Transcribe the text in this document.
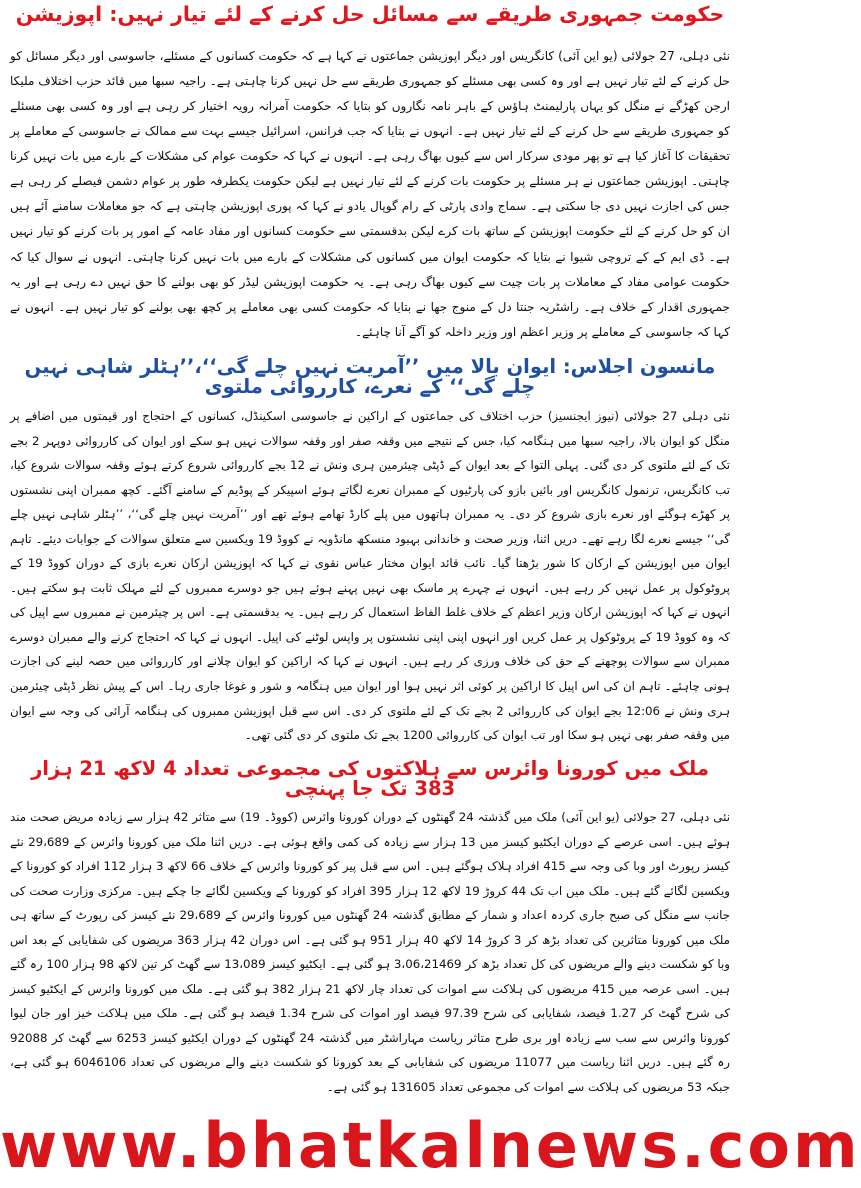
حکومت جمہوری طریقے سے مسائل حل کرنے کے لئے تیار نہیں: اپوزیشن

نئی دہلی، 27 جولائی (یو این آئی) کانگریس اور دیگر اپوزیشن جماعتوں نے کہا ہے کہ حکومت کسانوں کے مسئلے، جاسوسی اور دیگر مسائل کو حل کرنے کے لئے تیار نہیں ہے اور وہ کسی بھی مسئلے کو جمہوری طریقے سے حل نہیں کرنا چاہتی ہے۔ راجیہ سبھا میں قائد حزب اختلاف ملیکا ارجن کھڑگے نے منگل کو یہاں پارلیمنٹ ہاؤس کے باہر نامہ نگاروں کو بتایا کہ حکومت آمرانہ رویہ اختیار کر رہی ہے اور وہ کسی بھی مسئلے کو جمہوری طریقے سے حل کرنے کے لئے تیار نہیں ہے۔ انہوں نے بتایا کہ جب فرانس، اسرائیل جیسے بہت سے ممالک نے جاسوسی کے معاملے پر تحقیقات کا آغاز کیا ہے تو پھر مودی سرکار اس سے کیوں بھاگ رہی ہے۔ انہوں نے کہا کہ حکومت عوام کی مشکلات کے بارے میں بات نہیں کرنا چاہتی۔ اپوزیشن جماعتوں نے ہر مسئلے پر حکومت بات کرنے کے لئے تیار نہیں ہے لیکن حکومت یکطرفہ طور پر عوام دشمن فیصلے کر رہی ہے جس کی اجازت نہیں دی جا سکتی ہے۔ سماج وادی پارٹی کے رام گوپال یادو نے کہا کہ پوری اپوزیشن چاہتی ہے کہ جو معاملات سامنے آئے ہیں ان کو حل کرنے کے لئے حکومت اپوزیشن کے ساتھ بات کرے لیکن بدقسمتی سے حکومت کسانوں اور مفاد عامہ کے امور پر بات کرنے کو تیار نہیں ہے۔ ڈی ایم کے کے تروچی شیوا نے بتایا کہ حکومت ایوان میں کسانوں کی مشکلات کے بارے میں بات نہیں کرنا چاہتی۔ انہوں نے سوال کیا کہ حکومت عوامی مفاد کے معاملات پر بات چیت سے کیوں بھاگ رہی ہے۔ یہ حکومت اپوزیشن لیڈر کو بھی بولنے کا حق نہیں دے رہی ہے اور یہ جمہوری اقدار کے خلاف ہے۔ راشٹریہ جنتا دل کے منوج جھا نے بتایا کہ حکومت کسی بھی معاملے پر کچھ بھی بولنے کو تیار نہیں ہے۔ انہوں نے کہا کہ جاسوسی کے معاملے پر وزیر اعظم اور وزیر داخلہ کو آگے آنا چاہئے۔

مانسون اجلاس: ایوان بالا میں ’’آمریت نہیں چلے گی‘‘،’’ہٹلر شاہی نہیں چلے گی‘‘ کے نعرے، کارروائی ملتوی

نئی دہلی 27 جولائی (نیوز ایجنسیز) حزب اختلاف کی جماعتوں کے اراکین نے جاسوسی اسکینڈل، کسانوں کے احتجاج اور قیمتوں میں اضافے پر منگل کو ایوان بالا، راجیہ سبھا میں ہنگامہ کیا، جس کے نتیجے میں وقفہ صفر اور وقفہ سوالات نہیں ہو سکے اور ایوان کی کارروائی دوپہر 2 بجے تک کے لئے ملتوی کر دی گئی۔ پہلی التوا کے بعد ایوان کے ڈپٹی چیئرمین ہری ونش نے 12 بجے کارروائی شروع کرتے ہوئے وقفہ سوالات شروع کیا، تب کانگریس، ترنمول کانگریس اور بائیں بازو کی پارٹیوں کے ممبران نعرے لگاتے ہوئے اسپیکر کے پوڈیم کے سامنے آگئے۔ کچھ ممبران اپنی نشستوں پر کھڑے ہوگئے اور نعرے بازی شروع کر دی۔ یہ ممبران ہاتھوں میں پلے کارڈ تھامے ہوئے تھے اور ’’آمریت نہیں چلے گی‘‘، ’’ہٹلر شاہی نہیں چلے گی‘‘ جیسے نعرے لگا رہے تھے۔ دریں اثنا، وزیر صحت و خاندانی بہبود منسکھ مانڈویہ نے کووڈ 19 ویکسین سے متعلق سوالات کے جوابات دیئے۔ تاہم ایوان میں اپوزیشن کے ارکان کا شور بڑھتا گیا۔ نائب قائد ایوان مختار عباس نقوی نے کہا کہ اپوزیشن ارکان نعرے بازی کے دوران کووڈ 19 کے پروٹوکول پر عمل نہیں کر رہے ہیں۔ انہوں نے چہرے پر ماسک بھی نہیں پہنے ہوئے ہیں جو دوسرے ممبروں کے لئے مہلک ثابت ہو سکتے ہیں۔ انہوں نے کہا کہ اپوزیشن ارکان وزیر اعظم کے خلاف غلط الفاظ استعمال کر رہے ہیں۔ یہ بدقسمتی ہے۔ اس پر چیئرمین نے ممبروں سے اپیل کی کہ وہ کووڈ 19 کے پروٹوکول پر عمل کریں اور انہوں اپنی اپنی نشستوں پر واپس لوٹنے کی اپیل۔ انہوں نے کہا کہ احتجاج کرنے والے ممبران دوسرے ممبران سے سوالات پوچھنے کے حق کی خلاف ورزی کر رہے ہیں۔ انہوں نے کہا کہ اراکین کو ایوان چلانے اور کارروائی میں حصہ لینے کی اجازت ہونی چاہئے۔ تاہم ان کی اس اپیل کا اراکین پر کوئی اثر نہیں ہوا اور ایوان میں ہنگامہ و شور و غوغا جاری رہا۔ اس کے پیش نظر ڈپٹی چیئرمین ہری ونش نے 12:06 بجے ایوان کی کارروائی 2 بجے تک کے لئے ملتوی کر دی۔ اس سے قبل اپوزیشن ممبروں کی ہنگامہ آرائی کی وجہ سے ایوان میں وقفہ صفر بھی نہیں ہو سکا اور تب ایوان کی کارروائی 1200 بجے تک ملتوی کر دی گئی تھی۔

ملک میں کورونا وائرس سے ہلاکتوں کی مجموعی تعداد 4 لاکھ 21 ہزار 383 تک جا پہنچی

نئی دہلی، 27 جولائی (یو این آئی) ملک میں گذشتہ 24 گھنٹوں کے دوران کورونا وائرس (کووڈ۔ 19) سے متاثر 42 ہزار سے زیادہ مریض صحت مند ہوئے ہیں۔ اسی عرصے کے دوران ایکٹیو کیسز میں 13 ہزار سے زیادہ کی کمی واقع ہوئی ہے۔ دریں اثنا ملک میں کورونا وائرس کے 29،689 نئے کیسز رپورٹ اور وبا کی وجہ سے 415 افراد ہلاک ہوگئے ہیں۔ اس سے قبل پیر کو کورونا وائرس کے خلاف 66 لاکھ 3 ہزار 112 افراد کو کورونا کے ویکسین لگائے گئے ہیں۔ ملک میں اب تک 44 کروڑ 19 لاکھ 12 ہزار 395 افراد کو کورونا کے ویکسین لگائے جا چکے ہیں۔ مرکزی وزارت صحت کی جانب سے منگل کی صبح جاری کردہ اعداد و شمار کے مطابق گذشتہ 24 گھنٹوں میں کورونا وائرس کے 29،689 نئے کیسز کی رپورٹ کے ساتھ ہی ملک میں کورونا متاثرین کی تعداد بڑھ کر 3 کروڑ 14 لاکھ 40 ہزار 951 ہو گئی ہے۔ اس دوران 42 ہزار 363 مریضوں کی شفایابی کے بعد اس وبا کو شکست دینے والے مریضوں کی کل تعداد بڑھ کر 3،06،21469 ہو گئی ہے۔ ایکٹیو کیسز 13،089 سے گھٹ کر تین لاکھ 98 ہزار 100 رہ گئے ہیں۔ اسی عرصہ میں 415 مریضوں کی ہلاکت سے اموات کی تعداد چار لاکھ 21 ہزار 382 ہو گئی ہے۔ ملک میں کورونا وائرس کے ایکٹیو کیسز کی شرح گھٹ کر 1.27 فیصد، شفایابی کی شرح 97.39 فیصد اور اموات کی شرح 1.34 فیصد ہو گئی ہے۔ ملک میں ہلاکت خیز اور جان لیوا کورونا وائرس سے سب سے زیادہ اور بری طرح متاثر ریاست مہاراشٹر میں گذشتہ 24 گھنٹوں کے دوران ایکٹیو کیسز 6253 سے گھٹ کر 92088 رہ گئے ہیں۔ دریں اثنا ریاست میں 11077 مریضوں کی شفایابی کے بعد کورونا کو شکست دینے والے مریضوں کی تعداد 6046106 ہو گئی ہے، جبکہ 53 مریضوں کی ہلاکت سے اموات کی مجموعی تعداد 131605 ہو گئی ہے۔

www.bhatkalnews.com
